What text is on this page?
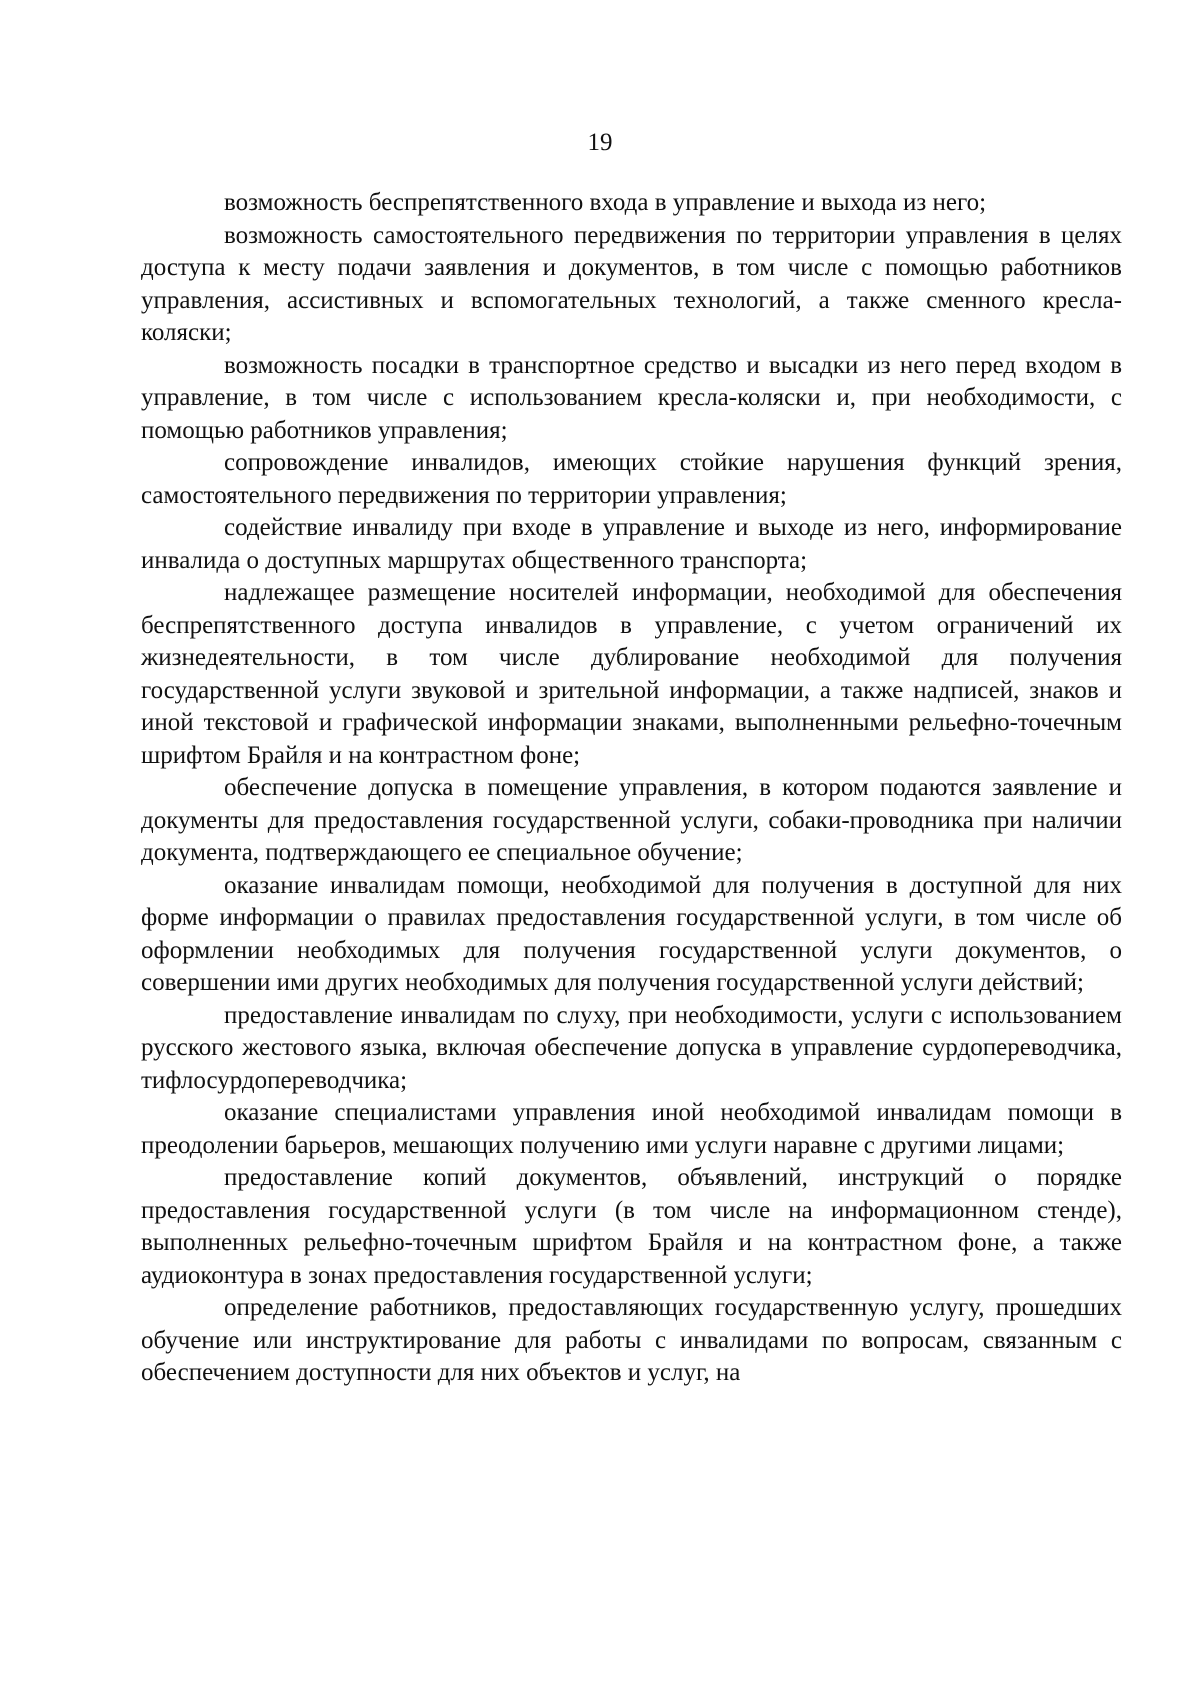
19

возможность беспрепятственного входа в управление и выхода из него;

возможность самостоятельного передвижения по территории управления в целях доступа к месту подачи заявления и документов, в том числе с помощью работников управления, ассистивных и вспомогательных технологий, а также сменного кресла-коляски;

возможность посадки в транспортное средство и высадки из него перед входом в управление, в том числе с использованием кресла-коляски и, при необходимости, с помощью работников управления;

сопровождение инвалидов, имеющих стойкие нарушения функций зрения, самостоятельного передвижения по территории управления;

содействие инвалиду при входе в управление и выходе из него, информирование инвалида о доступных маршрутах общественного транспорта;

надлежащее размещение носителей информации, необходимой для обеспечения беспрепятственного доступа инвалидов в управление, с учетом ограничений их жизнедеятельности, в том числе дублирование необходимой для получения государственной услуги звуковой и зрительной информации, а также надписей, знаков и иной текстовой и графической информации знаками, выполненными рельефно-точечным шрифтом Брайля и на контрастном фоне;

обеспечение допуска в помещение управления, в котором подаются заявление и документы для предоставления государственной услуги, собаки-проводника при наличии документа, подтверждающего ее специальное обучение;

оказание инвалидам помощи, необходимой для получения в доступной для них форме информации о правилах предоставления государственной услуги, в том числе об оформлении необходимых для получения государственной услуги документов, о совершении ими других необходимых для получения государственной услуги действий;

предоставление инвалидам по слуху, при необходимости, услуги с использованием русского жестового языка, включая обеспечение допуска в управление сурдопереводчика, тифлосурдопереводчика;

оказание специалистами управления иной необходимой инвалидам помощи в преодолении барьеров, мешающих получению ими услуги наравне с другими лицами;

предоставление копий документов, объявлений, инструкций о порядке предоставления государственной услуги (в том числе на информационном стенде), выполненных рельефно-точечным шрифтом Брайля и на контрастном фоне, а также аудиоконтура в зонах предоставления государственной услуги;

определение работников, предоставляющих государственную услугу, прошедших обучение или инструктирование для работы с инвалидами по вопросам, связанным с обеспечением доступности для них объектов и услуг, на
